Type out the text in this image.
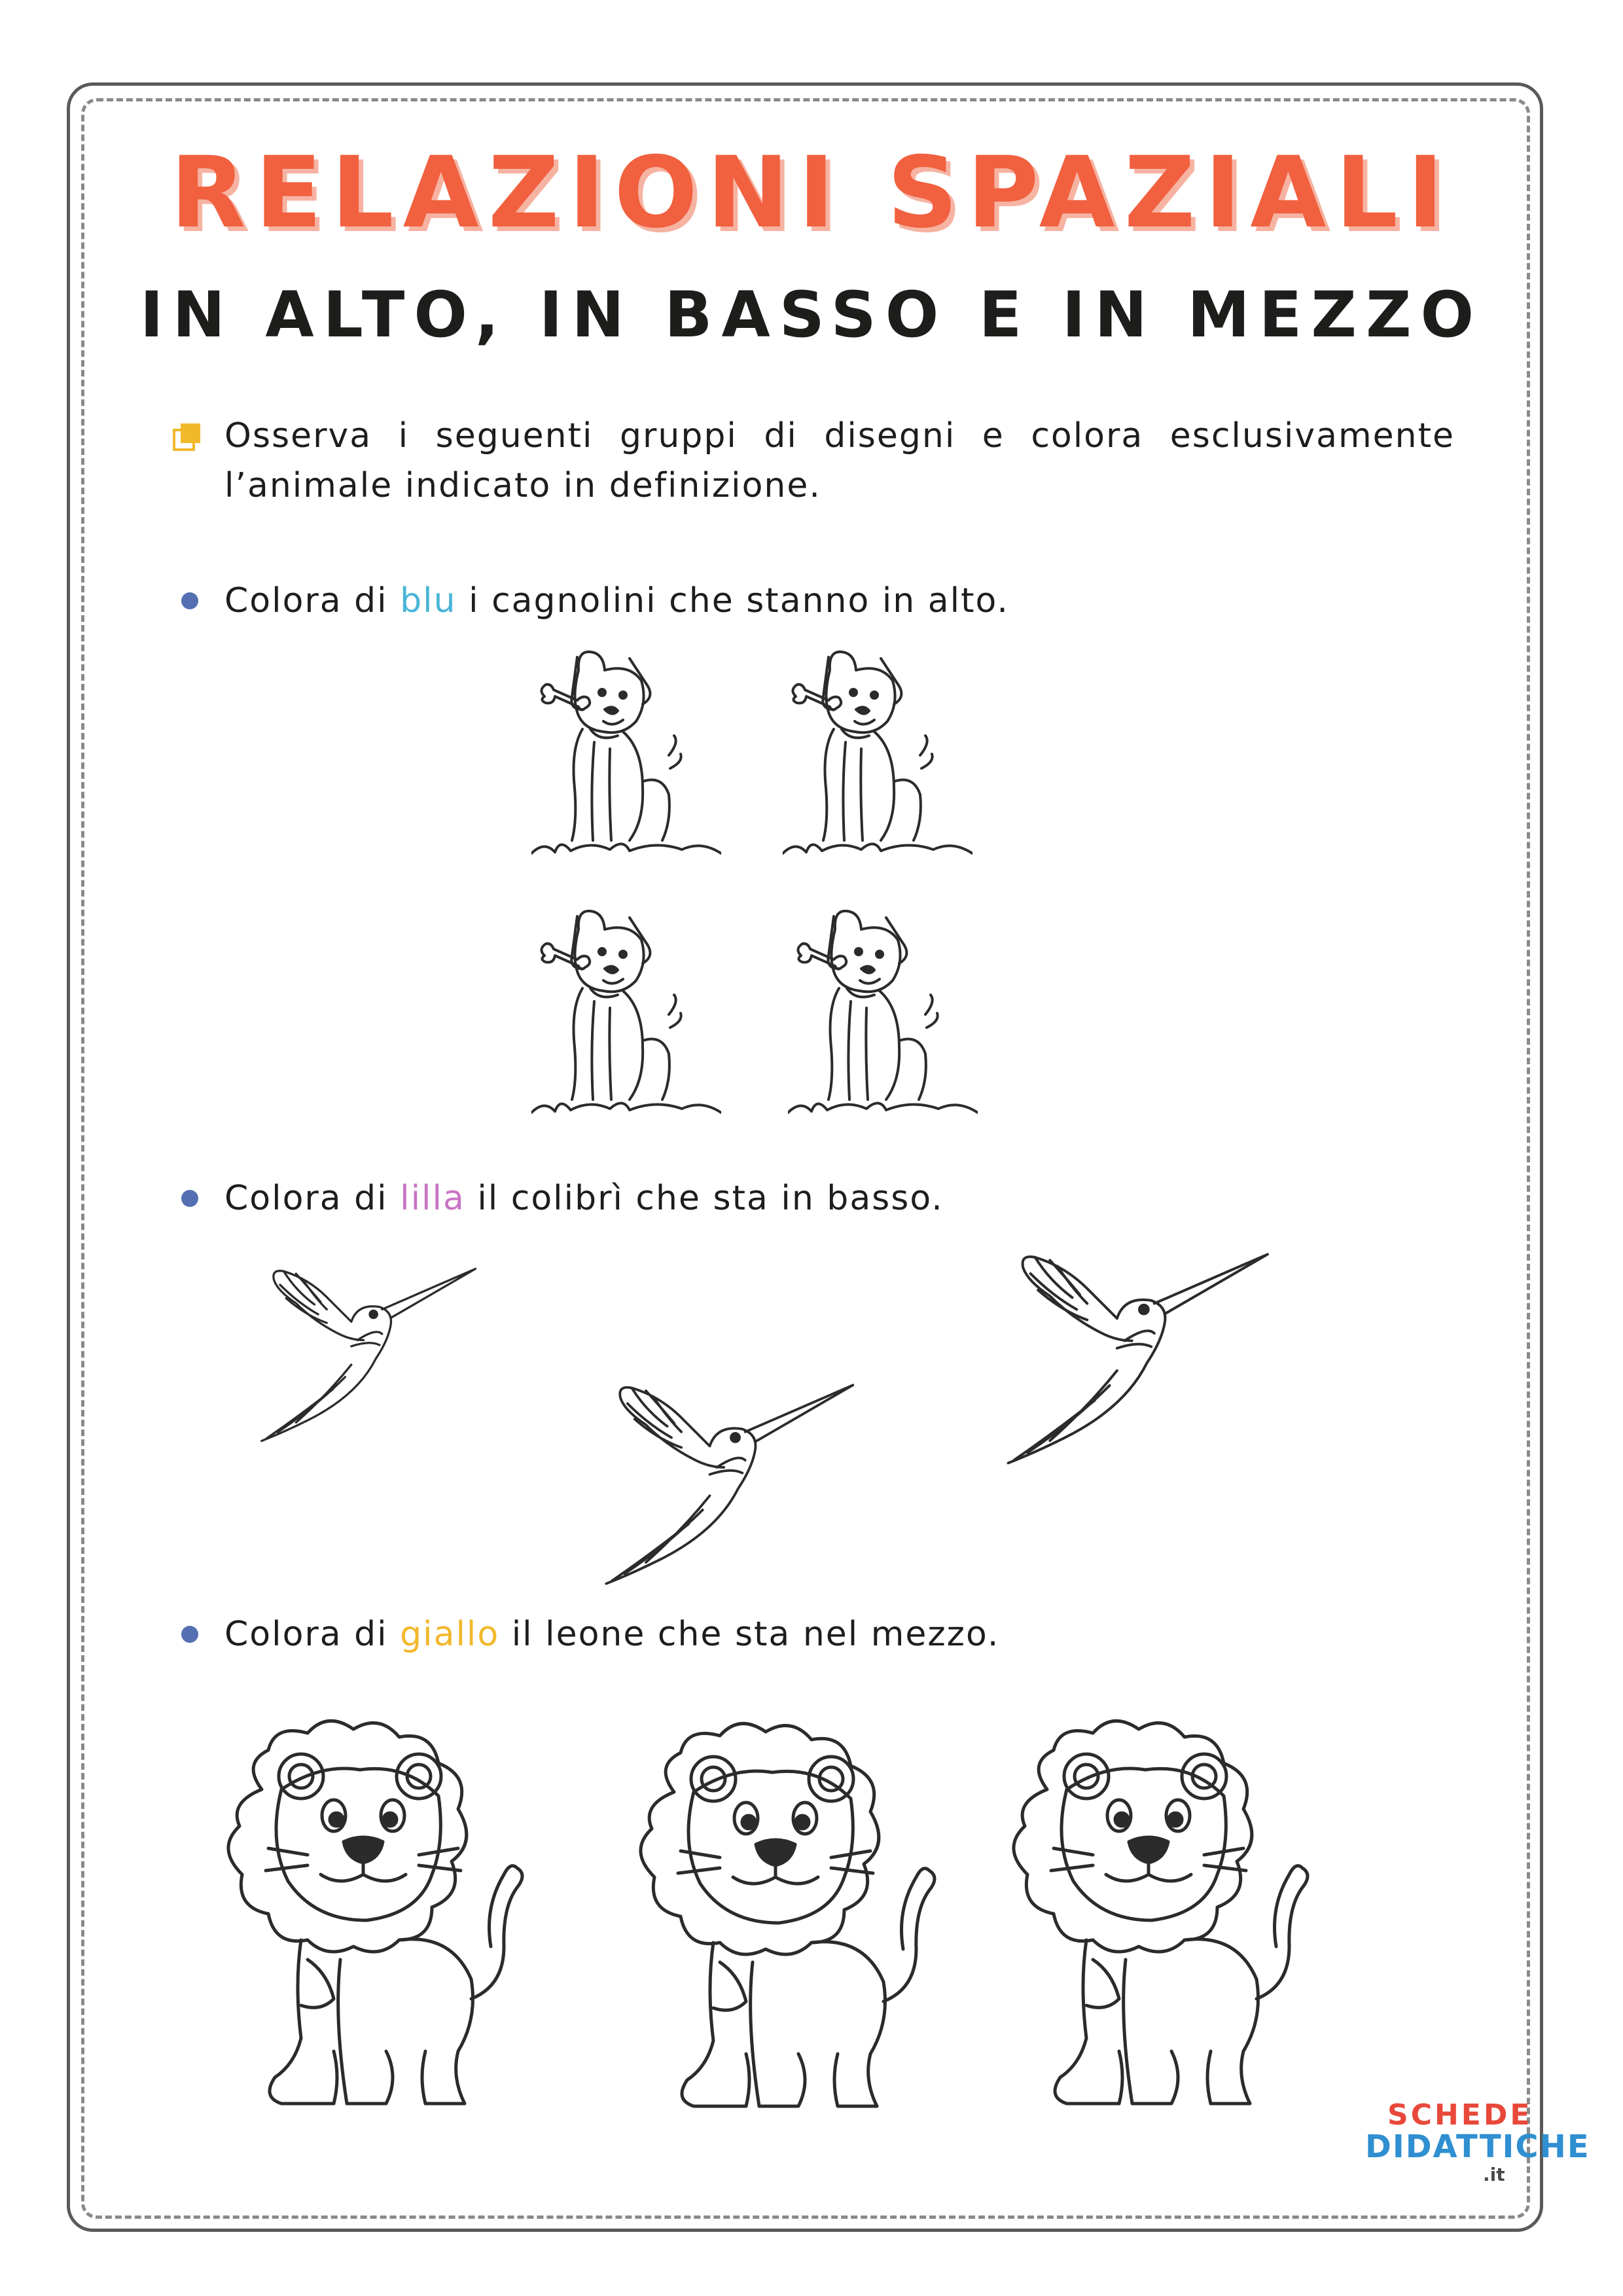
RELAZIONI SPAZIALI
IN ALTO, IN BASSO E IN MEZZO
Osserva i seguenti gruppi di disegni e colora esclusivamente l’animale indicato in definizione.
Colora di blu i cagnolini che stanno in alto.
Colora di lilla il colibrì che sta in basso.
Colora di giallo il leone che sta nel mezzo.
SCHEDE
DIDATTICHE
.it
